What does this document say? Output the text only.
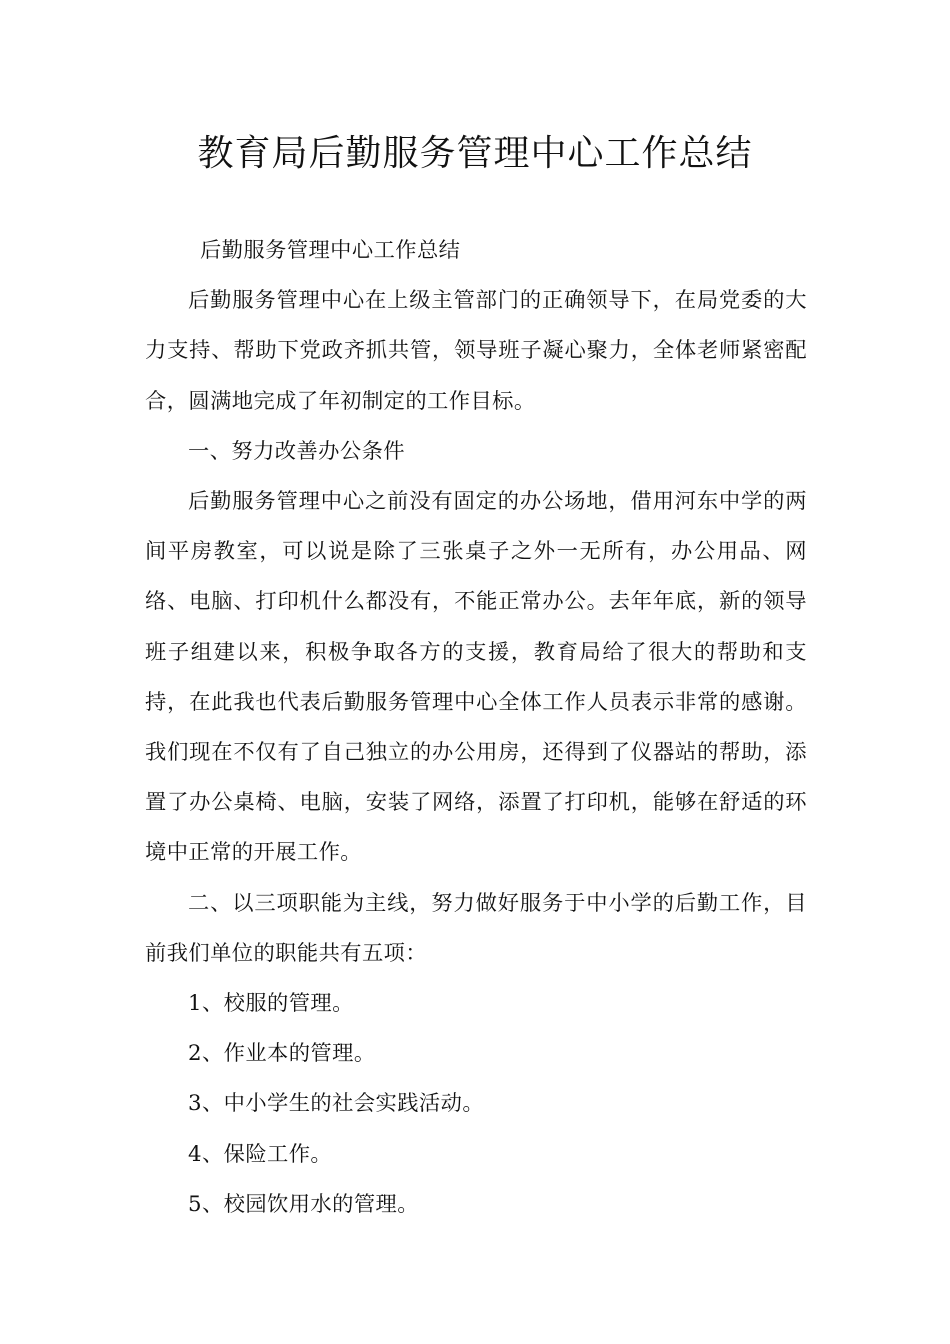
教育局后勤服务管理中心工作总结

后勤服务管理中心工作总结

后勤服务管理中心在上级主管部门的正确领导下，在局党委的大力支持、帮助下党政齐抓共管，领导班子凝心聚力，全体老师紧密配合，圆满地完成了年初制定的工作目标。

一、努力改善办公条件

后勤服务管理中心之前没有固定的办公场地，借用河东中学的两间平房教室，可以说是除了三张桌子之外一无所有，办公用品、网络、电脑、打印机什么都没有，不能正常办公。去年年底，新的领导班子组建以来，积极争取各方的支援，教育局给了很大的帮助和支持，在此我也代表后勤服务管理中心全体工作人员表示非常的感谢。我们现在不仅有了自己独立的办公用房，还得到了仪器站的帮助，添置了办公桌椅、电脑，安装了网络，添置了打印机，能够在舒适的环境中正常的开展工作。

二、以三项职能为主线，努力做好服务于中小学的后勤工作，目前我们单位的职能共有五项：

1、校服的管理。

2、作业本的管理。

3、中小学生的社会实践活动。

4、保险工作。

5、校园饮用水的管理。
